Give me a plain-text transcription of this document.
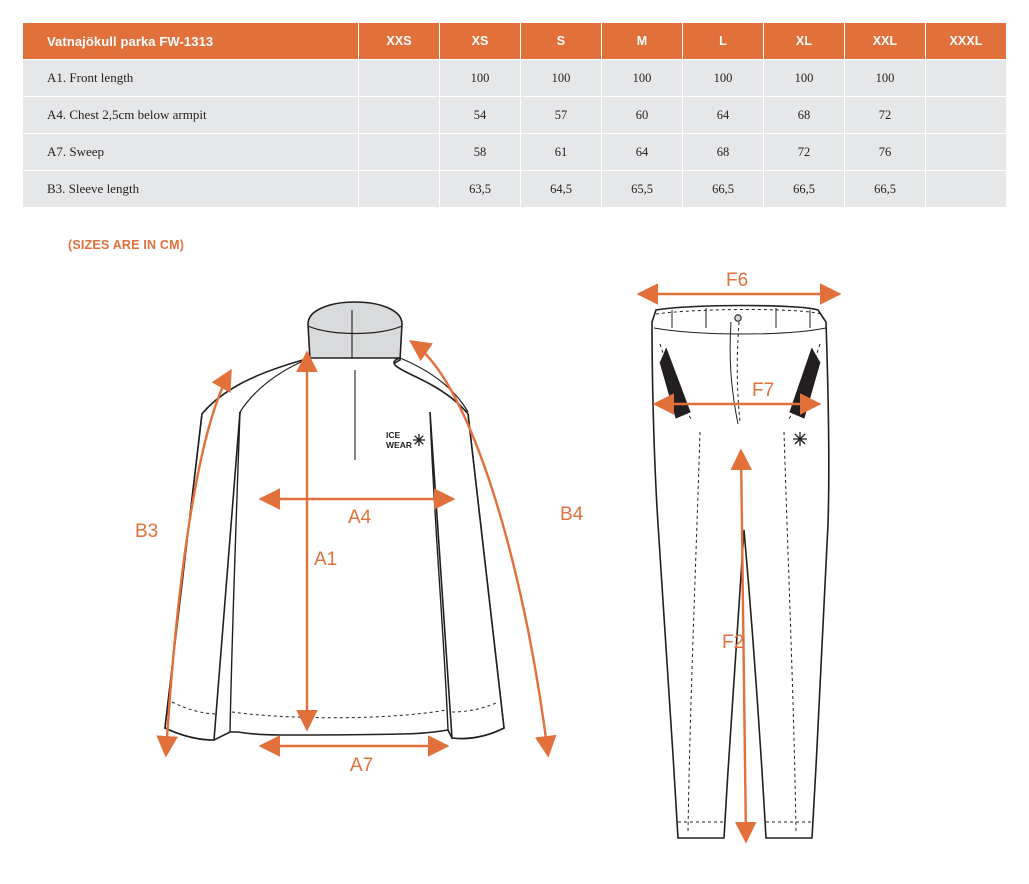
Vatnajökull parka FW-1313	XXS	XS	S	M	L	XL	XXL	XXXL
A1. Front length		100	100	100	100	100	100	
A4. Chest 2,5cm below armpit		54	57	60	64	68	72	
A7. Sweep		58	61	64	68	72	76	
B3. Sleeve length		63,5	64,5	65,5	66,5	66,5	66,5	
(SIZES ARE IN CM)
ICE
WEAR
B3
B4
A4
A1
A7
F6
F7
F2
